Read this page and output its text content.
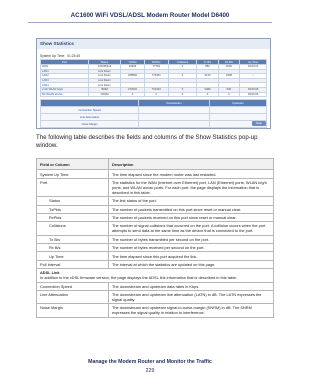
AC1600 WiFi VDSL/ADSL Modem Router Model D6400
Show Statistics
System Up Time: 01:23:45
Port	Status	TxPkts	RxPkts	Collisions	Tx B/s	Rx B/s	Up Time
WAN	1000M/Full	19996	77784	0	882	3006	03:00:04
LAN1	Link Down						
LAN2	Link Down	188566	776451	0	3140	3308	--
LAN3	Link Down						
LAN4	Link Down						
2.4G WLAN b/g/n	300M	373032	701343	0	3389	630	03:00:06
5G WLAN a/n/ac	1300M	0	0	0	0	0	03:00:06
	Downstream	Upstream
Connection Speed		
Line Attenuation		
Noise Margin			Stop
The following table describes the fields and columns of the Show Statistics pop-up window.
Field or Column	Description
System Up Time	The time elapsed since the modem router was last restarted.
Port	The statistics for the WAN (Internet over Ethernet) port, LAN (Ethernet) ports, WLAN b/g/n ports, and WLAN a/n/ac ports. For each port, the page displays the information that is described in this table.
Status	The link status of the port.
TxPkts	The number of packets transmitted on this port since reset or manual clear.
RxPkts	The number of packets received on this port since reset or manual clear.
Collisions	The number of signal collisions that occurred on the port. A collision occurs when the port attempts to send data at the same time as the device that is connected to the port.
Tx B/s	The number of bytes transmitted per second on the port.
Rx B/s	The number of bytes received per second on the port.
Up Time	The time elapsed since this port acquired the link.
Poll Interval	The interval at which the statistics are updated on this page.

ADSL Link
In addition to the xDSL firmware version, the page displays the ADSL link information that is described in this table.	

Connection Speed	The downstream and upstream data rates in Kbps.
Line Attenuation	The downstream and upstream line attenuation (LATN) in dB. The LATN expresses the signal quality.
Noise Margin	The downstream and upstream signal-to-noise-margin (SNRM) in dB. The SNRM expresses the signal quality in relation to interference.
Manage the Modem Router and Monitor the Traffic
229
